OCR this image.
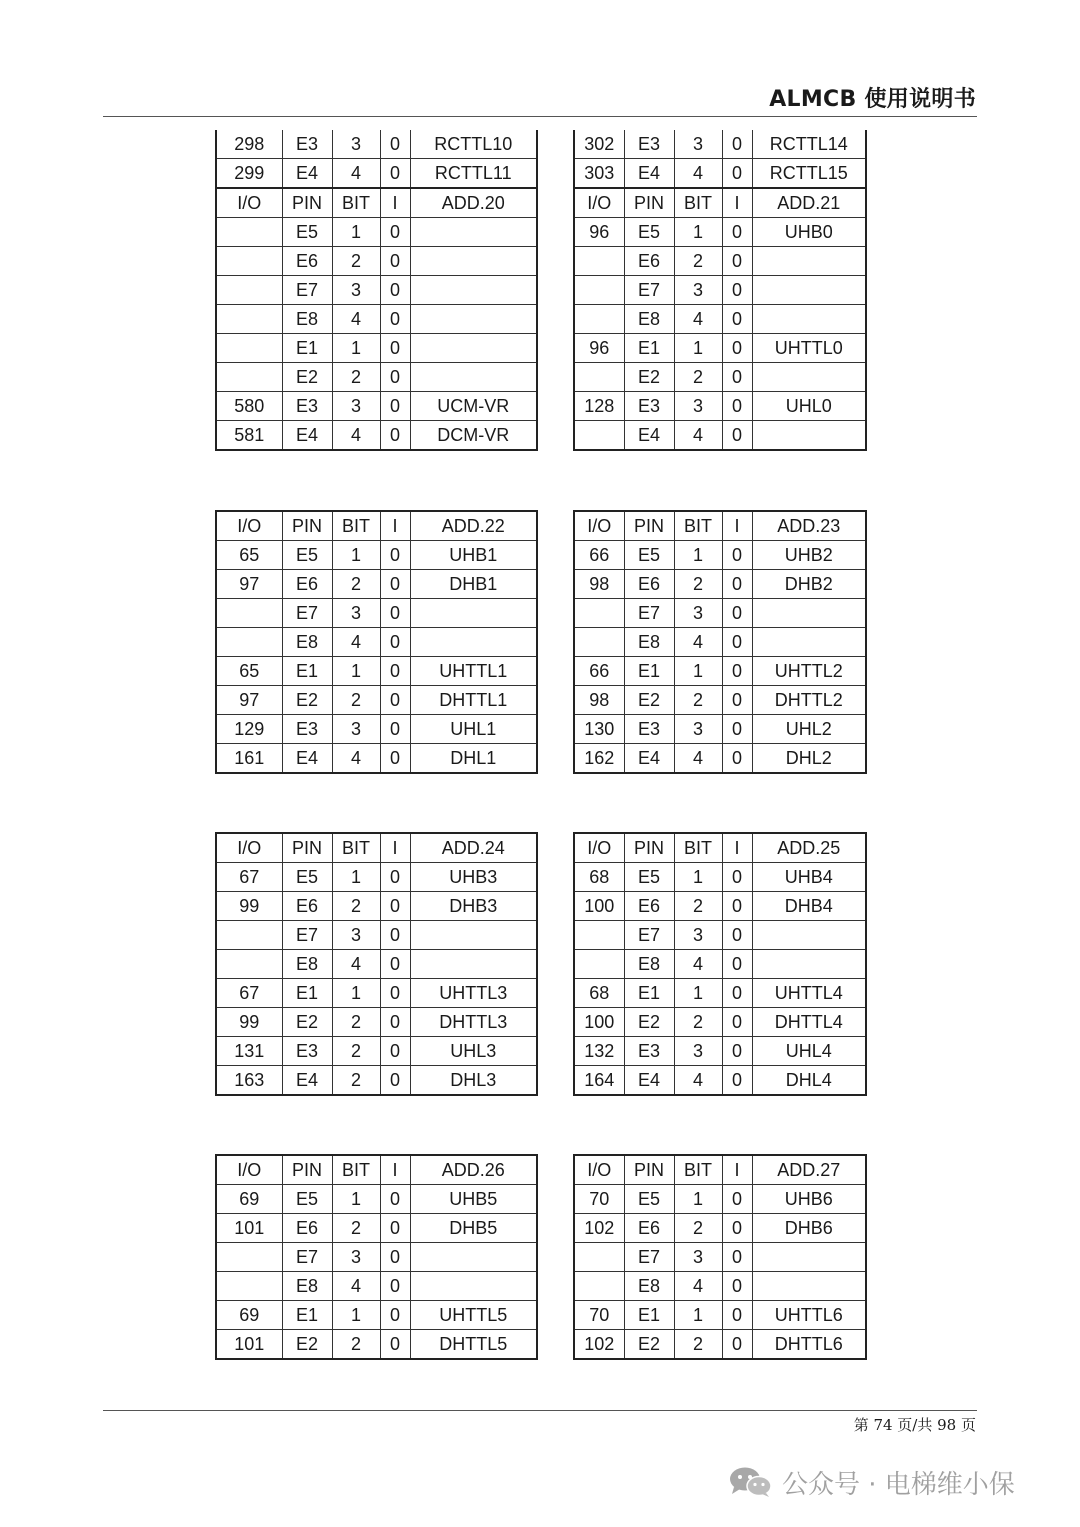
ALMCB 使用说明书
298	E3	3	0	RCTTL10
299	E4	4	0	RCTTL11
I/O	PIN	BIT	I	ADD.20
	E5	1	0	
	E6	2	0	
	E7	3	0	
	E8	4	0	
	E1	1	0	
	E2	2	0	
580	E3	3	0	UCM-VR
581	E4	4	0	DCM-VR
302	E3	3	0	RCTTL14
303	E4	4	0	RCTTL15
I/O	PIN	BIT	I	ADD.21
96	E5	1	0	UHB0
	E6	2	0	
	E7	3	0	
	E8	4	0	
96	E1	1	0	UHTTL0
	E2	2	0	
128	E3	3	0	UHL0
	E4	4	0	
I/O	PIN	BIT	I	ADD.22
65	E5	1	0	UHB1
97	E6	2	0	DHB1
	E7	3	0	
	E8	4	0	
65	E1	1	0	UHTTL1
97	E2	2	0	DHTTL1
129	E3	3	0	UHL1
161	E4	4	0	DHL1
I/O	PIN	BIT	I	ADD.23
66	E5	1	0	UHB2
98	E6	2	0	DHB2
	E7	3	0	
	E8	4	0	
66	E1	1	0	UHTTL2
98	E2	2	0	DHTTL2
130	E3	3	0	UHL2
162	E4	4	0	DHL2
I/O	PIN	BIT	I	ADD.24
67	E5	1	0	UHB3
99	E6	2	0	DHB3
	E7	3	0	
	E8	4	0	
67	E1	1	0	UHTTL3
99	E2	2	0	DHTTL3
131	E3	2	0	UHL3
163	E4	2	0	DHL3
I/O	PIN	BIT	I	ADD.25
68	E5	1	0	UHB4
100	E6	2	0	DHB4
	E7	3	0	
	E8	4	0	
68	E1	1	0	UHTTL4
100	E2	2	0	DHTTL4
132	E3	3	0	UHL4
164	E4	4	0	DHL4
I/O	PIN	BIT	I	ADD.26
69	E5	1	0	UHB5
101	E6	2	0	DHB5
	E7	3	0	
	E8	4	0	
69	E1	1	0	UHTTL5
101	E2	2	0	DHTTL5
I/O	PIN	BIT	I	ADD.27
70	E5	1	0	UHB6
102	E6	2	0	DHB6
	E7	3	0	
	E8	4	0	
70	E1	1	0	UHTTL6
102	E2	2	0	DHTTL6
第 74 页/共 98 页
公众号 · 电梯维小保
